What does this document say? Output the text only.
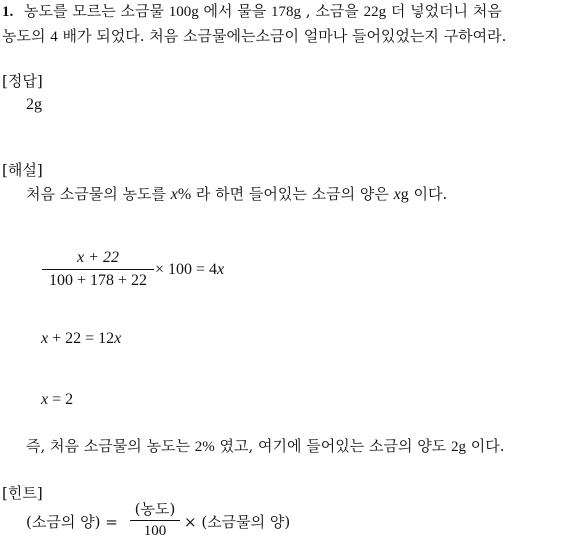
1. 농도를 모르는 소금물 100g 에서 물을 178g , 소금을 22g 더 넣었더니 처음
농도의 4 배가 되었다. 처음 소금물에는소금이 얼마나 들어있었는지 구하여라.
[정답]
2g
[해설]
처음 소금물의 농도를 x% 라 하면 들어있는 소금의 양은 xg 이다.
x + 22
100 + 178 + 22
× 100 = 4x
x + 22 = 12x
x = 2
즉, 처음 소금물의 농도는 2% 였고, 여기에 들어있는 소금의 양도 2g 이다.
[힌트]
(소금의 양) =
(농도)
100	× (소금물의 양)
